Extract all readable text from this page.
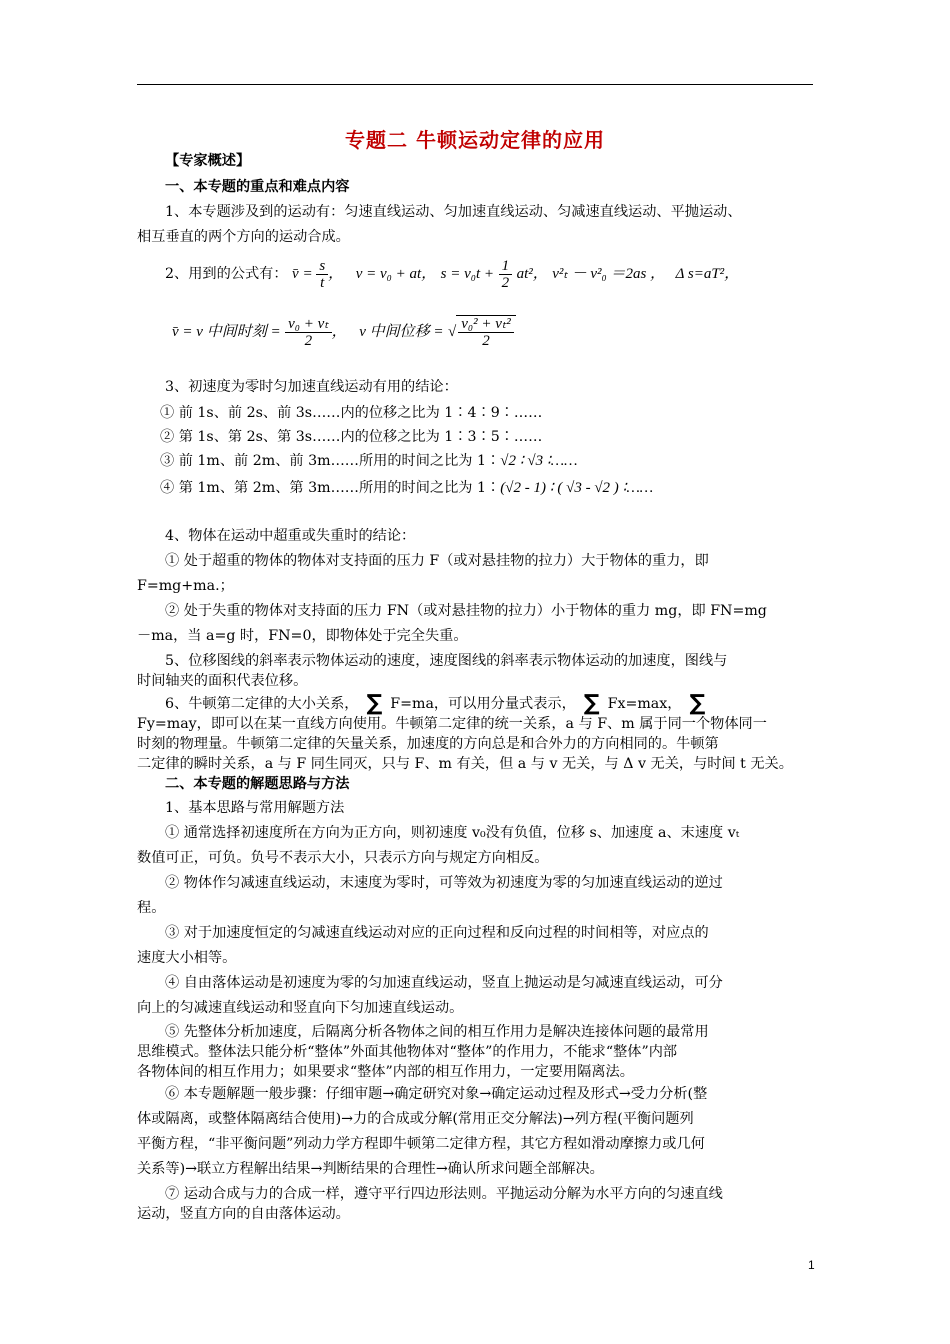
专题二 牛顿运动定律的应用
【专家概述】
一、本专题的重点和难点内容
1、本专题涉及到的运动有：匀速直线运动、匀加速直线运动、匀减速直线运动、平抛运动、
相互垂直的两个方向的运动合成。
2、用到的公式有： v̄ = $\frac{s}{t}$ ， v = v₀ + at， $s = v_0t + \frac{1}{2} at^2$， v²ₜ － v²₀ ＝2as ， Δ s=aT²，
v̄ = v 中间时刻 = $\frac{\text{v₀ + vₜ}}{2}$ ， v 中间位移 = √ $\frac{\text{v₀² + vₜ²}}{2}$
3、初速度为零时匀加速直线运动有用的结论：
① 前 1s、前 2s、前 3s……内的位移之比为 1∶4∶9∶……
② 第 1s、第 2s、第 3s……内的位移之比为 1∶3∶5∶……
③ 前 1m、前 2m、前 3m……所用的时间之比为 1∶√2 ∶ √3 ∶……
④ 第 1m、第 2m、第 3m……所用的时间之比为 1∶(√2 - 1) ∶ ( √3 - √2 ) ∶……
4、物体在运动中超重或失重时的结论：
① 处于超重的物体的物体对支持面的压力 F（或对悬挂物的拉力）大于物体的重力，即
F=mg+ma.；
② 处于失重的物体对支持面的压力 FN（或对悬挂物的拉力）小于物体的重力 mg，即 FN=mg
－ma，当 a=g 时，FN=0，即物体处于完全失重。
5、位移图线的斜率表示物体运动的速度，速度图线的斜率表示物体运动的加速度，图线与
时间轴夹的面积代表位移。
6、牛顿第二定律的大小关系， ∑ F=ma，可以用分量式表示， ∑ Fx=max， ∑
Fy=may，即可以在某一直线方向使用。牛顿第二定律的统一关系，a 与 F、m 属于同一个物体同一
时刻的物理量。牛顿第二定律的矢量关系，加速度的方向总是和合外力的方向相同的。牛顿第
二定律的瞬时关系，a 与 F 同生同灭，只与 F、m 有关，但 a 与 v 无关，与 Δ v 无关，与时间 t 无关。
二、本专题的解题思路与方法
1、基本思路与常用解题方法
① 通常选择初速度所在方向为正方向，则初速度 v₀没有负值，位移 s、加速度 a、末速度 vₜ
数值可正，可负。负号不表示大小，只表示方向与规定方向相反。
② 物体作匀减速直线运动，末速度为零时，可等效为初速度为零的匀加速直线运动的逆过
程。
③ 对于加速度恒定的匀减速直线运动对应的正向过程和反向过程的时间相等，对应点的
速度大小相等。
④ 自由落体运动是初速度为零的匀加速直线运动，竖直上抛运动是匀减速直线运动，可分
向上的匀减速直线运动和竖直向下匀加速直线运动。
⑤ 先整体分析加速度，后隔离分析各物体之间的相互作用力是解决连接体问题的最常用
思维模式。整体法只能分析“整体”外面其他物体对“整体”的作用力，不能求“整体”内部
各物体间的相互作用力；如果要求“整体”内部的相互作用力，一定要用隔离法。
⑥ 本专题解题一般步骤：仔细审题→确定研究对象→确定运动过程及形式→受力分析(整
体或隔离，或整体隔离结合使用)→力的合成或分解(常用正交分解法)→列方程(平衡问题列
平衡方程，“非平衡问题”列动力学方程即牛顿第二定律方程，其它方程如滑动摩擦力或几何
关系等)→联立方程解出结果→判断结果的合理性→确认所求问题全部解决。
⑦ 运动合成与力的合成一样，遵守平行四边形法则。平抛运动分解为水平方向的匀速直线
运动，竖直方向的自由落体运动。
1
